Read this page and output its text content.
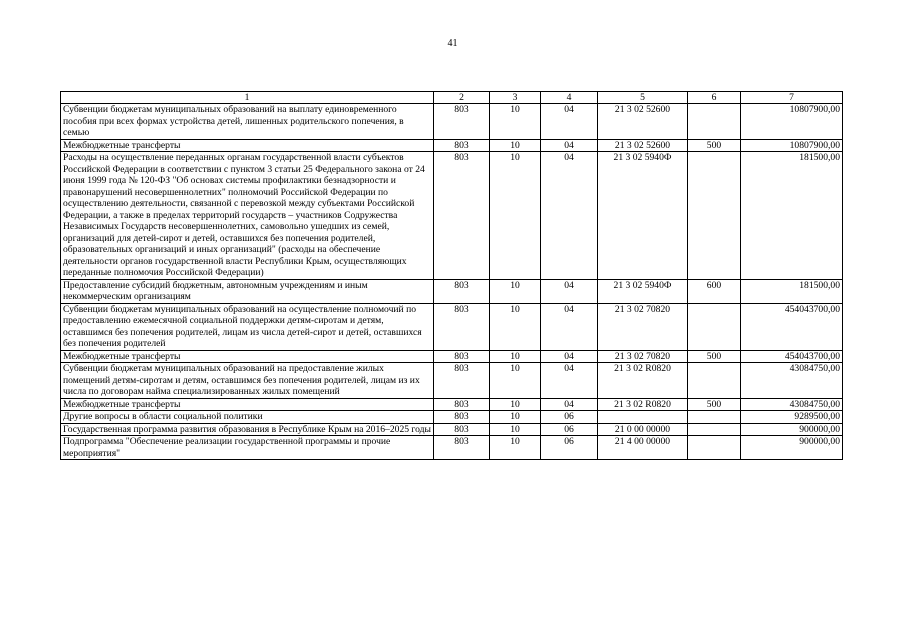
41
1	2	3	4	5	6	7
Субвенции бюджетам муниципальных образований на выплату единовременного пособия при всех формах устройства детей, лишенных родительского попечения, в семью	803	10	04	21 3 02 52600		10807900,00
Межбюджетные трансферты	803	10	04	21 3 02 52600	500	10807900,00
Расходы на осуществление переданных органам государственной власти субъектов Российской Федерации в соответствии с пунктом 3 статьи 25 Федерального закона от 24 июня 1999 года № 120-ФЗ "Об основах системы профилактики безнадзорности и правонарушений несовершеннолетних" полномочий Российской Федерации по осуществлению деятельности, связанной с перевозкой между субъектами Российской Федерации, а также в пределах территорий государств – участников Содружества Независимых Государств несовершеннолетних, самовольно ушедших из семей, организаций для детей-сирот и детей, оставшихся без попечения родителей, образовательных организаций и иных организаций" (расходы на обеспечение деятельности органов государственной власти Республики Крым, осуществляющих переданные полномочия Российской Федерации)	803	10	04	21 3 02 5940Ф		181500,00
Предоставление субсидий бюджетным, автономным учреждениям и иным некоммерческим организациям	803	10	04	21 3 02 5940Ф	600	181500,00
Субвенции бюджетам муниципальных образований на осуществление полномочий по предоставлению ежемесячной социальной поддержки детям-сиротам и детям, оставшимся без попечения родителей, лицам из числа детей-сирот и детей, оставшихся без попечения родителей	803	10	04	21 3 02 70820		454043700,00
Межбюджетные трансферты	803	10	04	21 3 02 70820	500	454043700,00
Субвенции бюджетам муниципальных образований на предоставление жилых помещений детям-сиротам и детям, оставшимся без попечения родителей, лицам из их числа по договорам найма специализированных жилых помещений	803	10	04	21 3 02 R0820		43084750,00
Межбюджетные трансферты	803	10	04	21 3 02 R0820	500	43084750,00
Другие вопросы в области социальной политики	803	10	06			9289500,00
Государственная программа развития образования в Республике Крым на 2016–2025 годы	803	10	06	21 0 00 00000		900000,00
Подпрограмма "Обеспечение реализации государственной программы и прочие мероприятия"	803	10	06	21 4 00 00000		900000,00
